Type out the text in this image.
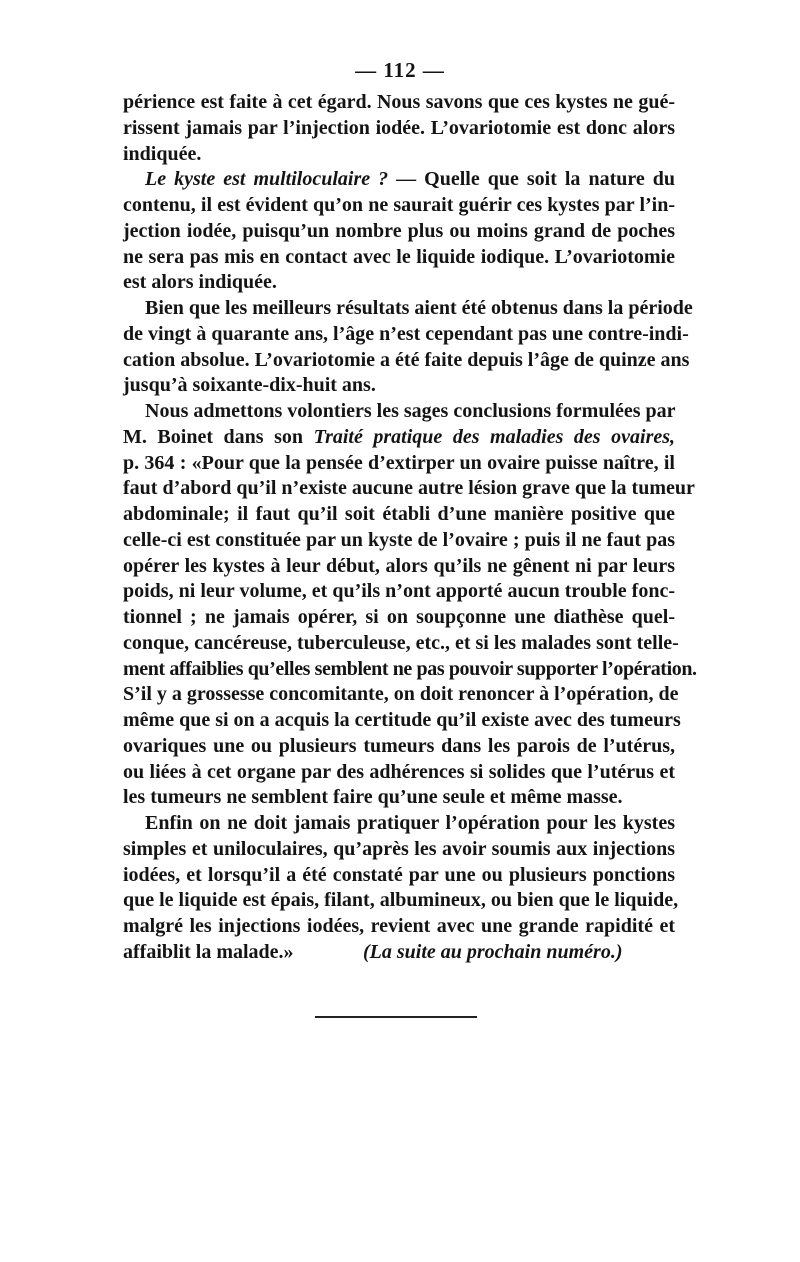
— 112 —
périence est faite à cet égard. Nous savons que ces kystes ne gué-
rissent jamais par l’injection iodée. L’ovariotomie est donc alors
indiquée.
Le kyste est multiloculaire ? — Quelle que soit la nature du
contenu, il est évident qu’on ne saurait guérir ces kystes par l’in-
jection iodée, puisqu’un nombre plus ou moins grand de poches
ne sera pas mis en contact avec le liquide iodique. L’ovariotomie
est alors indiquée.
Bien que les meilleurs résultats aient été obtenus dans la période
de vingt à quarante ans, l’âge n’est cependant pas une contre-indi-
cation absolue. L’ovariotomie a été faite depuis l’âge de quinze ans
jusqu’à soixante-dix-huit ans.
Nous admettons volontiers les sages conclusions formulées par
M. Boinet dans son Traité pratique des maladies des ovaires,
p. 364 : «Pour que la pensée d’extirper un ovaire puisse naître, il
faut d’abord qu’il n’existe aucune autre lésion grave que la tumeur
abdominale; il faut qu’il soit établi d’une manière positive que
celle-ci est constituée par un kyste de l’ovaire ; puis il ne faut pas
opérer les kystes à leur début, alors qu’ils ne gênent ni par leurs
poids, ni leur volume, et qu’ils n’ont apporté aucun trouble fonc-
tionnel ; ne jamais opérer, si on soupçonne une diathèse quel-
conque, cancéreuse, tuberculeuse, etc., et si les malades sont telle-
ment affaiblies qu’elles semblent ne pas pouvoir supporter l’opération.
S’il y a grossesse concomitante, on doit renoncer à l’opération, de
même que si on a acquis la certitude qu’il existe avec des tumeurs
ovariques une ou plusieurs tumeurs dans les parois de l’utérus,
ou liées à cet organe par des adhérences si solides que l’utérus et
les tumeurs ne semblent faire qu’une seule et même masse.
Enfin on ne doit jamais pratiquer l’opération pour les kystes
simples et uniloculaires, qu’après les avoir soumis aux injections
iodées, et lorsqu’il a été constaté par une ou plusieurs ponctions
que le liquide est épais, filant, albumineux, ou bien que le liquide,
malgré les injections iodées, revient avec une grande rapidité et
affaiblit la malade.»	(La suite au prochain numéro.)
